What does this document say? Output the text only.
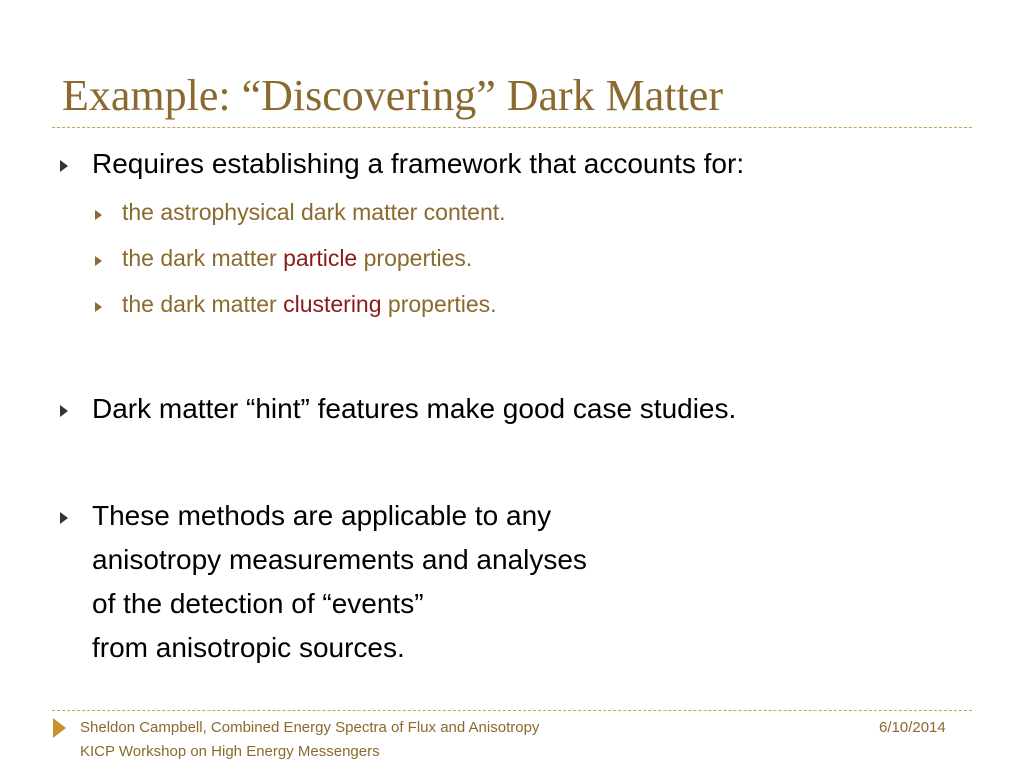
Example: “Discovering” Dark Matter
Requires establishing a framework that accounts for:
the astrophysical dark matter content.
the dark matter particle properties.
the dark matter clustering properties.
Dark matter “hint” features make good case studies.
These methods are applicable to any
anisotropy measurements and analyses
of the detection of “events”
from anisotropic sources.
Sheldon Campbell, Combined Energy Spectra of Flux and Anisotropy
KICP Workshop on High Energy Messengers
6/10/2014
